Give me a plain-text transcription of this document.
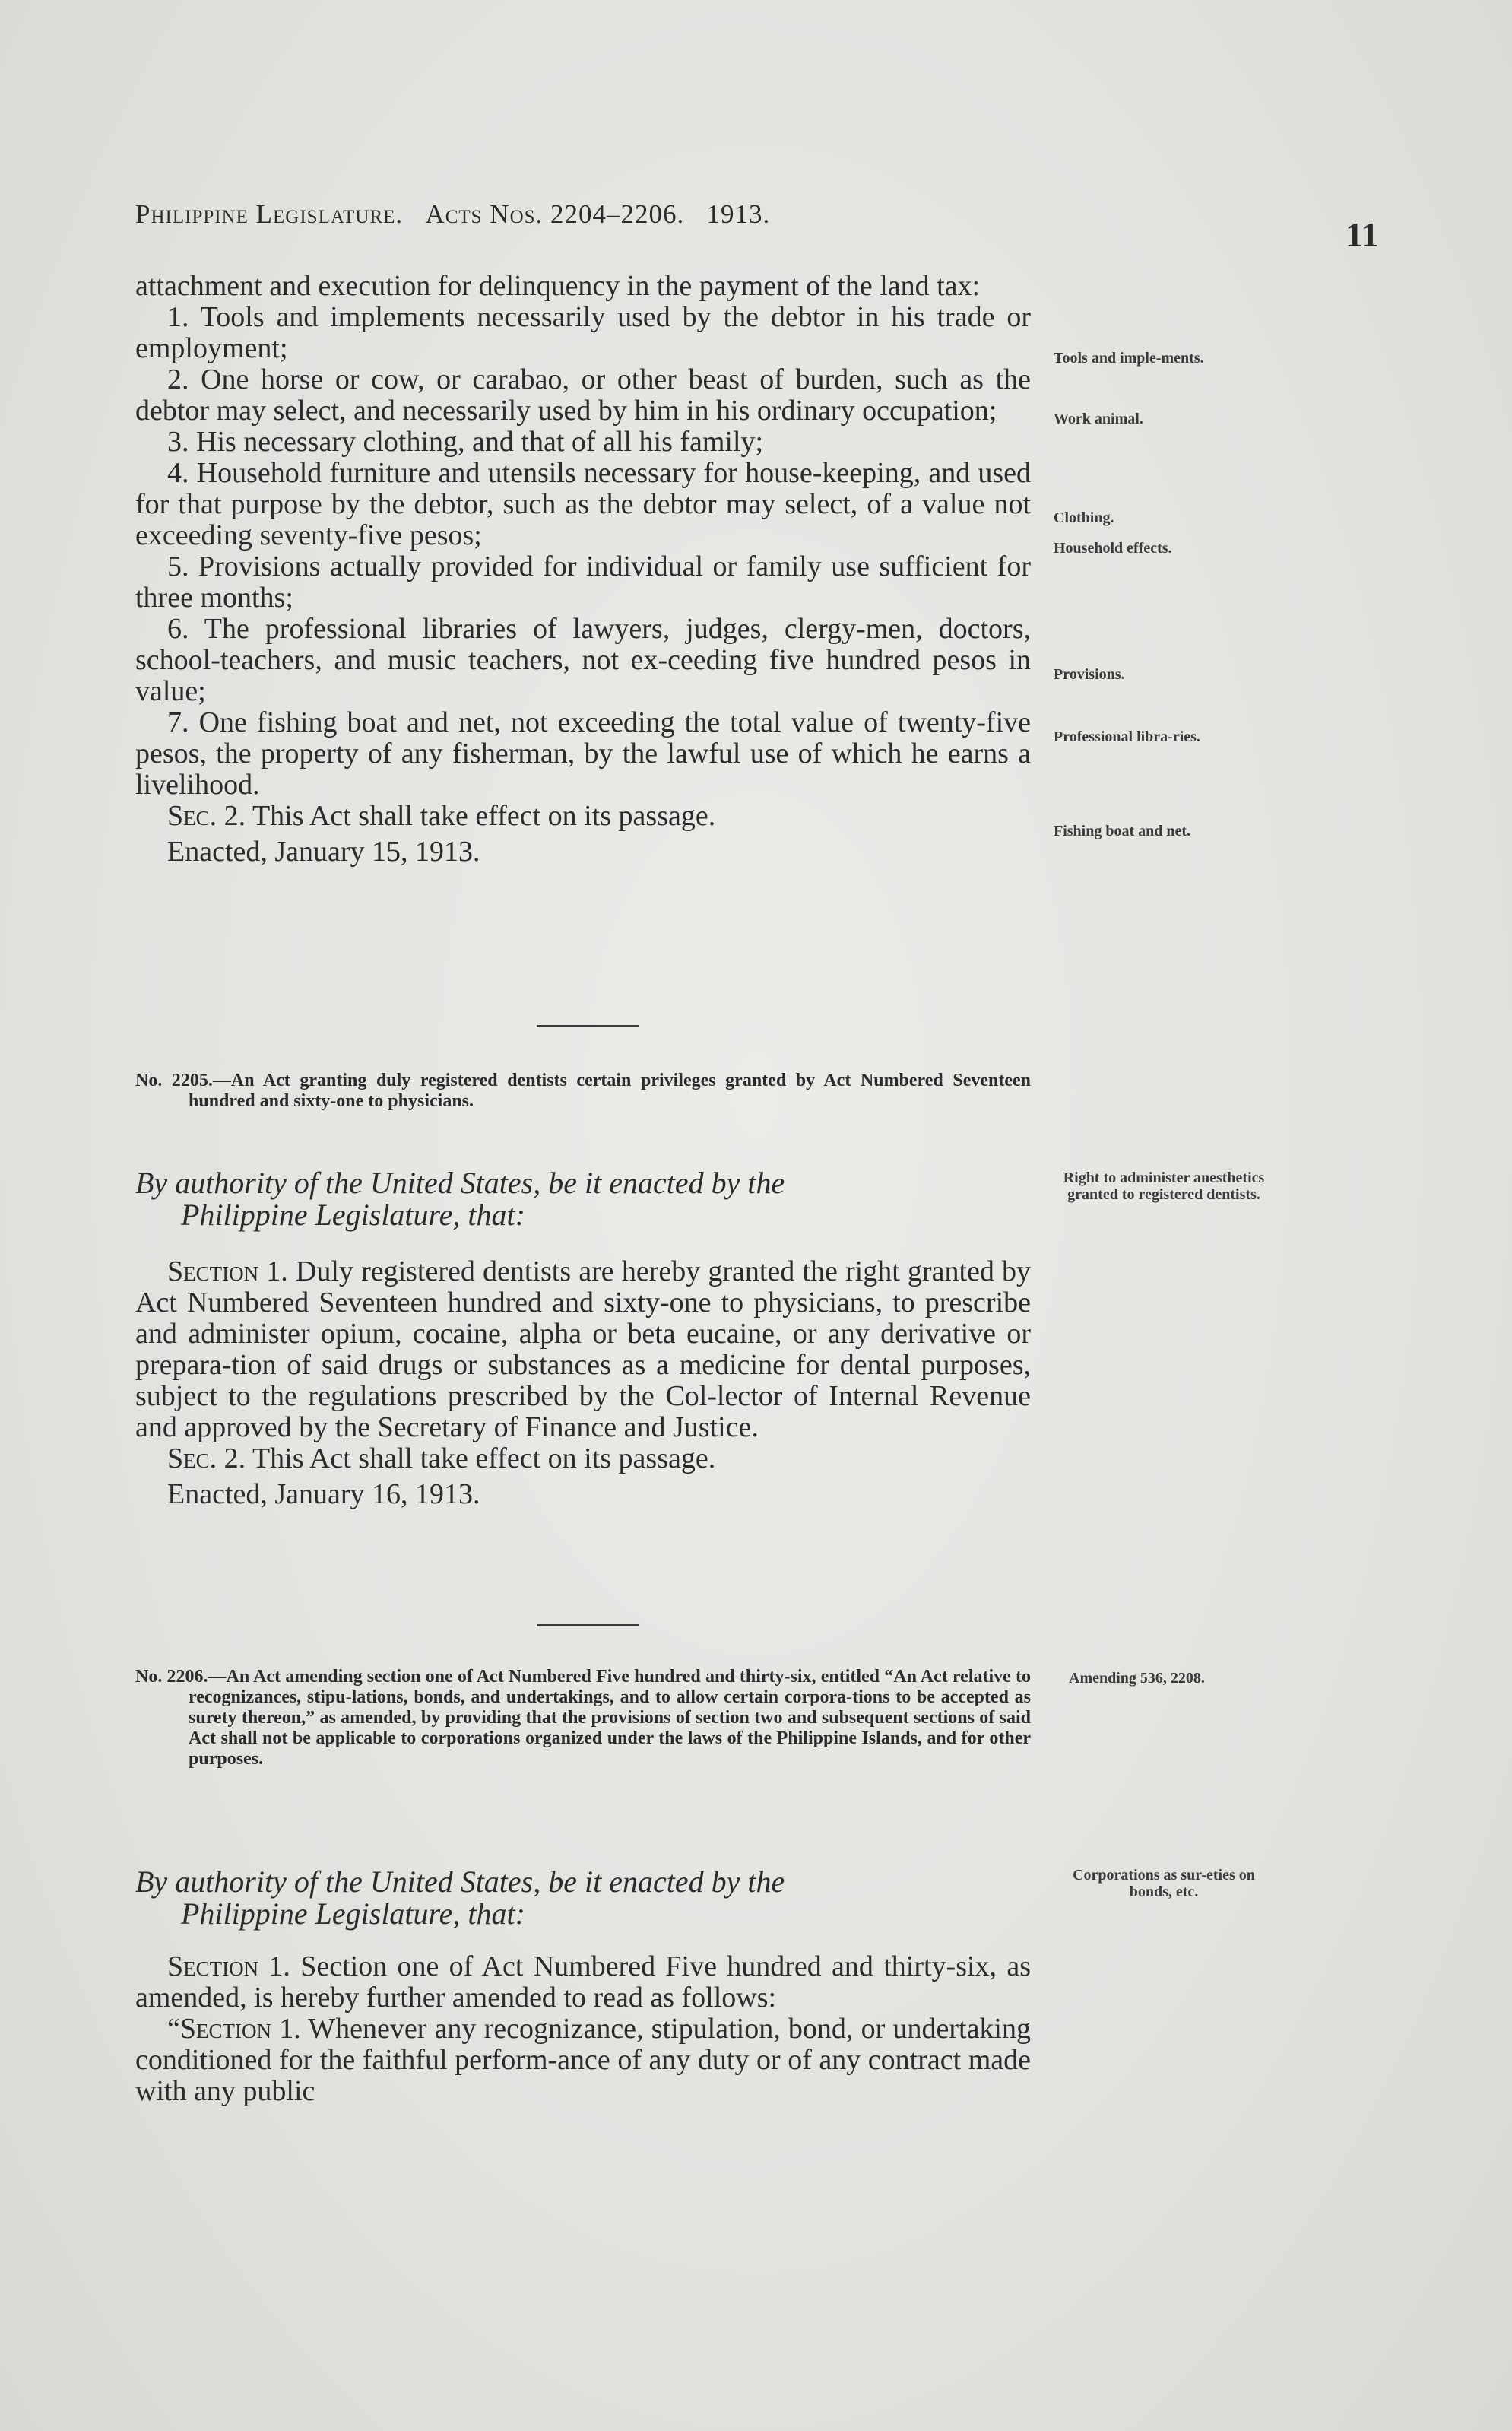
Philippine Legislature. Acts Nos. 2204–2206. 1913.
11

attachment and execution for delinquency in the payment of the land tax:

1. Tools and implements necessarily used by the debtor in his trade or employment;

2. One horse or cow, or carabao, or other beast of burden, such as the debtor may select, and necessarily used by him in his ordinary occupation;

3. His necessary clothing, and that of all his family;

4. Household furniture and utensils necessary for house-keeping, and used for that purpose by the debtor, such as the debtor may select, of a value not exceeding seventy-five pesos;

5. Provisions actually provided for individual or family use sufficient for three months;

6. The professional libraries of lawyers, judges, clergy-men, doctors, school-teachers, and music teachers, not ex-ceeding five hundred pesos in value;

7. One fishing boat and net, not exceeding the total value of twenty-five pesos, the property of any fisherman, by the lawful use of which he earns a livelihood.

Sec. 2. This Act shall take effect on its passage.

Enacted, January 15, 1913.

Tools and imple-ments.
Work animal.
Clothing.
Household effects.
Provisions.
Professional libra-ries.
Fishing boat and net.
No. 2205.—An Act granting duly registered dentists certain privileges granted by Act Numbered Seventeen hundred and sixty-one to physicians.
By authority of the United States, be it enacted by the
Philippine Legislature, that:
Right to administer anesthetics granted to registered dentists.

Section 1. Duly registered dentists are hereby granted the right granted by Act Numbered Seventeen hundred and sixty-one to physicians, to prescribe and administer opium, cocaine, alpha or beta eucaine, or any derivative or prepara-tion of said drugs or substances as a medicine for dental purposes, subject to the regulations prescribed by the Col-lector of Internal Revenue and approved by the Secretary of Finance and Justice.

Sec. 2. This Act shall take effect on its passage.

Enacted, January 16, 1913.

No. 2206.—An Act amending section one of Act Numbered Five hundred and thirty-six, entitled “An Act relative to recognizances, stipu-lations, bonds, and undertakings, and to allow certain corpora-tions to be accepted as surety thereon,” as amended, by providing that the provisions of section two and subsequent sections of said Act shall not be applicable to corporations organized under the laws of the Philippine Islands, and for other purposes.
Amending 536, 2208.
By authority of the United States, be it enacted by the
Philippine Legislature, that:
Corporations as sur-eties on bonds, etc.

Section 1. Section one of Act Numbered Five hundred and thirty-six, as amended, is hereby further amended to read as follows:

“Section 1. Whenever any recognizance, stipulation, bond, or undertaking conditioned for the faithful perform-ance of any duty or of any contract made with any public
